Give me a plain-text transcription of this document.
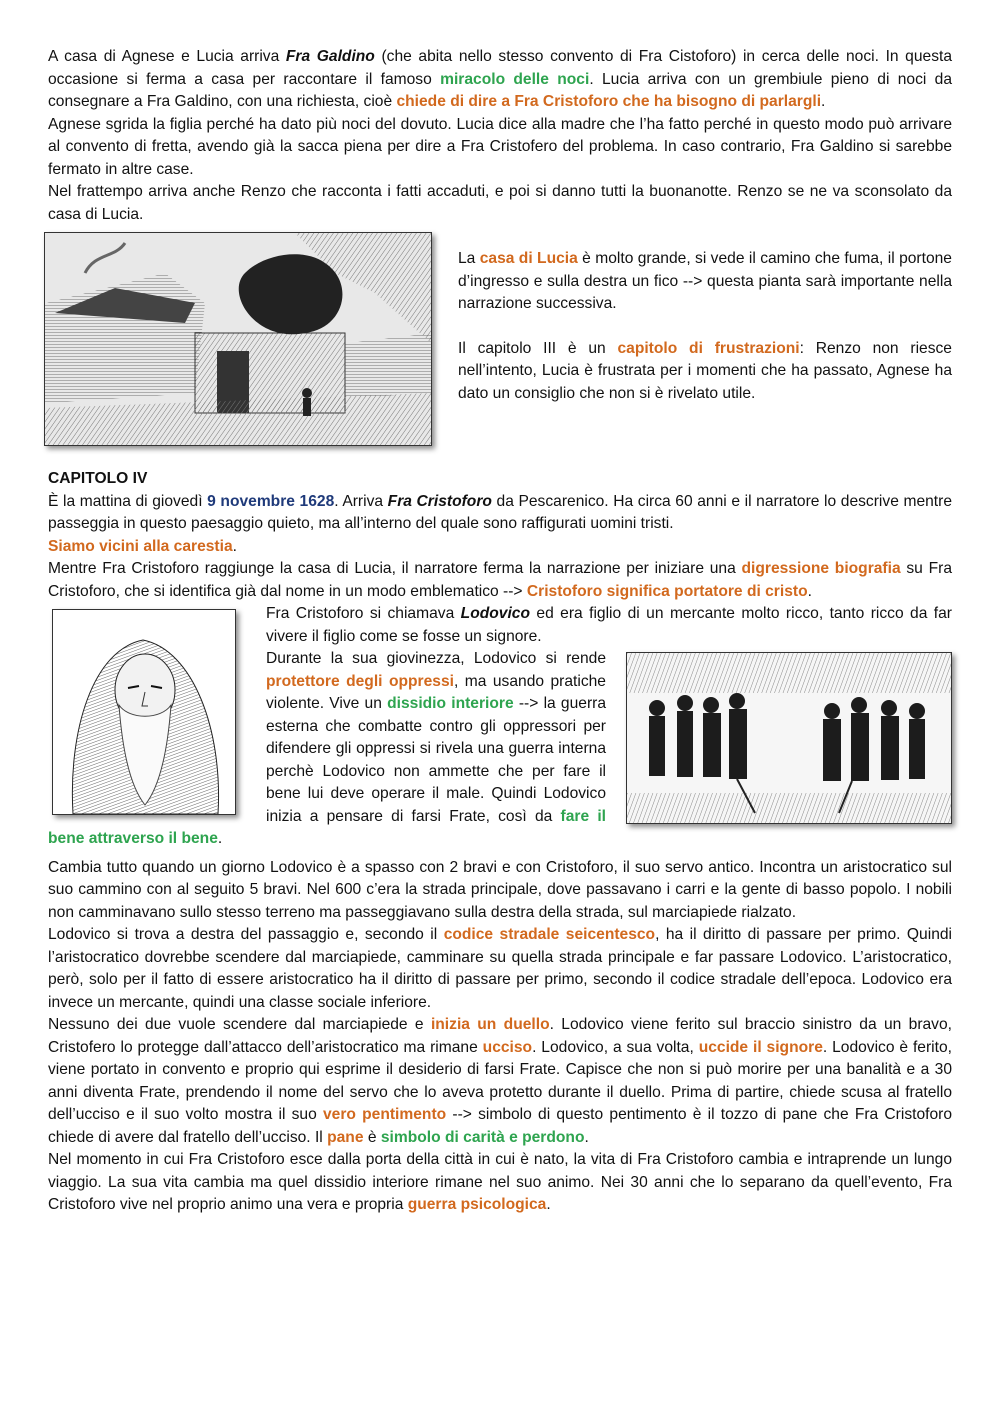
A casa di Agnese e Lucia arriva Fra Galdino (che abita nello stesso convento di Fra Cistoforo) in cerca delle noci. In questa occasione si ferma a casa per raccontare il famoso miracolo delle noci. Lucia arriva con un grembiule pieno di noci da consegnare a Fra Galdino, con una richiesta, cioè chiede di dire a Fra Cristoforo che ha bisogno di parlargli.

Agnese sgrida la figlia perché ha dato più noci del dovuto. Lucia dice alla madre che l’ha fatto perché in questo modo può arrivare al convento di fretta, avendo già la sacca piena per dire a Fra Cristofero del problema. In caso contrario, Fra Galdino si sarebbe fermato in altre case.

Nel frattempo arriva anche Renzo che racconta i fatti accaduti, e poi si danno tutti la buonanotte. Renzo se ne va sconsolato da casa di Lucia.

La casa di Lucia è molto grande, si vede il camino che fuma, il portone d’ingresso e sulla destra un fico --> questa pianta sarà importante nella narrazione successiva.

Il capitolo III è un capitolo di frustrazioni: Renzo non riesce nell’intento, Lucia è frustrata per i momenti che ha passato, Agnese ha dato un consiglio che non si è rivelato utile.

CAPITOLO IV

È la mattina di giovedì 9 novembre 1628. Arriva Fra Cristoforo da Pescarenico. Ha circa 60 anni e il narratore lo descrive mentre passeggia in questo paesaggio quieto, ma all’interno del quale sono raffigurati uomini tristi.

Siamo vicini alla carestia.

Mentre Fra Cristoforo raggiunge la casa di Lucia, il narratore ferma la narrazione per iniziare una digressione biografia su Fra Cristoforo, che si identifica già dal nome in un modo emblematico --> Cristoforo significa portatore di cristo.

Fra Cristoforo si chiamava Lodovico ed era figlio di un mercante molto ricco, tanto ricco da far vivere il figlio come se fosse un signore.

Durante la sua giovinezza, Lodovico si rende protettore degli oppressi, ma usando pratiche violente. Vive un dissidio interiore --> la guerra esterna che combatte contro gli oppressori per difendere gli oppressi si rivela una guerra interna perchè Lodovico non ammette che per fare il bene lui deve operare il male. Quindi Lodovico inizia a pensare di farsi Frate, così da fare il bene attraverso il bene.

Cambia tutto quando un giorno Lodovico è a spasso con 2 bravi e con Cristoforo, il suo servo antico. Incontra un aristocratico sul suo cammino con al seguito 5 bravi. Nel 600 c’era la strada principale, dove passavano i carri e la gente di basso popolo. I nobili non camminavano sullo stesso terreno ma passeggiavano sulla destra della strada, sul marciapiede rialzato.

Lodovico si trova a destra del passaggio e, secondo il codice stradale seicentesco, ha il diritto di passare per primo. Quindi l’aristocratico dovrebbe scendere dal marciapiede, camminare su quella strada principale e far passare Lodovico. L’aristocratico, però, solo per il fatto di essere aristocratico ha il diritto di passare per primo, secondo il codice stradale dell’epoca. Lodovico era invece un mercante, quindi una classe sociale inferiore.

Nessuno dei due vuole scendere dal marciapiede e inizia un duello. Lodovico viene ferito sul braccio sinistro da un bravo, Cristofero lo protegge dall’attacco dell’aristocratico ma rimane ucciso. Lodovico, a sua volta, uccide il signore. Lodovico è ferito, viene portato in convento e proprio qui esprime il desiderio di farsi Frate. Capisce che non si può morire per una banalità e a 30 anni diventa Frate, prendendo il nome del servo che lo aveva protetto durante il duello. Prima di partire, chiede scusa al fratello dell’ucciso e il suo volto mostra il suo vero pentimento --> simbolo di questo pentimento è il tozzo di pane che Fra Cristoforo chiede di avere dal fratello dell’ucciso. Il pane è simbolo di carità e perdono.

Nel momento in cui Fra Cristoforo esce dalla porta della città in cui è nato, la vita di Fra Cristoforo cambia e intraprende un lungo viaggio. La sua vita cambia ma quel dissidio interiore rimane nel suo animo. Nei 30 anni che lo separano da quell’evento, Fra Cristoforo vive nel proprio animo una vera e propria guerra psicologica.
